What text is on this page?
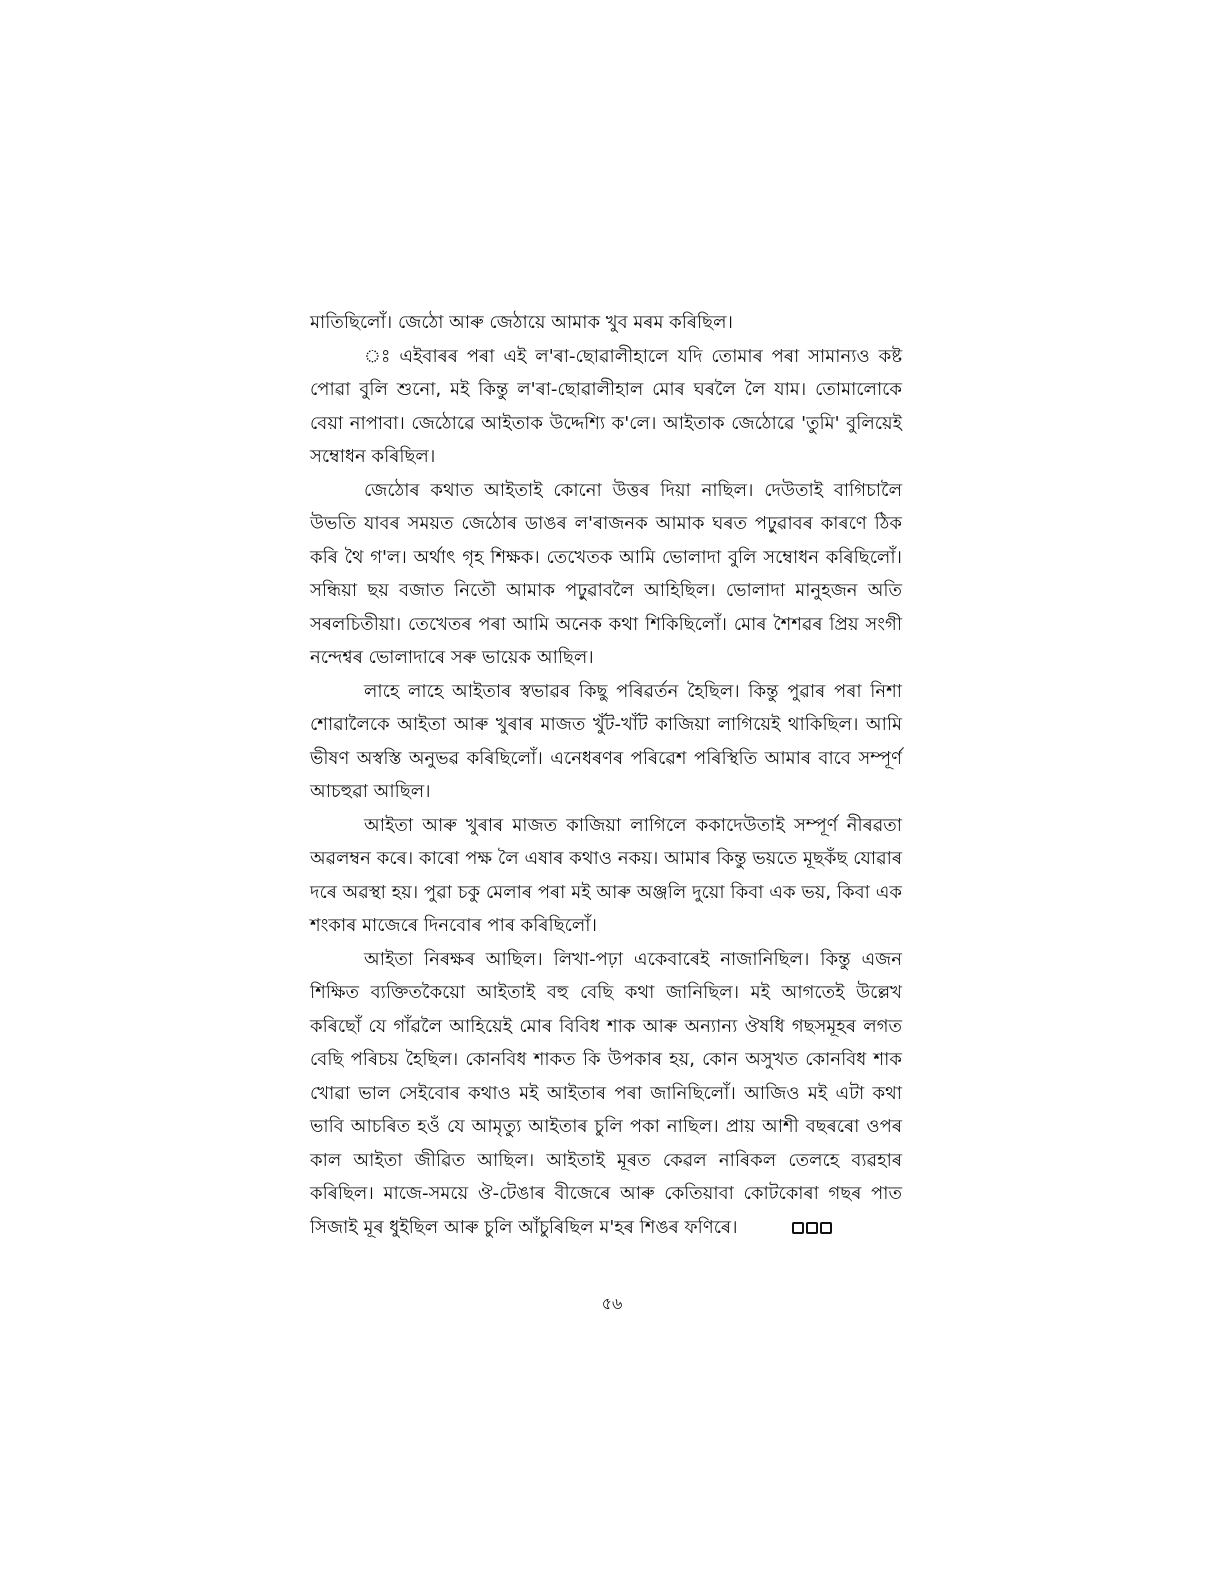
মাতিছিলোঁ। জেঠো আৰু জেঠায়ে আমাক খুব মৰম কৰিছিল।

ঃ এইবাৰৰ পৰা এই ল'ৰা-ছোৱালীহালে যদি তোমাৰ পৰা সামান্যও কষ্ট পোৱা বুলি শুনো, মই কিন্তু ল'ৰা-ছোৱালীহাল মোৰ ঘৰলৈ লৈ যাম। তোমালোকে বেয়া নাপাবা। জেঠোৱে আইতাক উদ্দেশ্যি ক'লে। আইতাক জেঠোৱে 'তুমি' বুলিয়েই সম্বোধন কৰিছিল।

জেঠোৰ কথাত আইতাই কোনো উত্তৰ দিয়া নাছিল। দেউতাই বাগিচালৈ উভতি যাবৰ সময়ত জেঠোৰ ডাঙৰ ল'ৰাজনক আমাক ঘৰত পঢ়ুৱাবৰ কাৰণে ঠিক কৰি থৈ গ'ল। অৰ্থাৎ গৃহ শিক্ষক। তেখেতক আমি ভোলাদা বুলি সম্বোধন কৰিছিলোঁ। সন্ধিয়া ছয় বজাত নিতৌ আমাক পঢ়ুৱাবলৈ আহিছিল। ভোলাদা মানুহজন অতি সৰলচিতীয়া। তেখেতৰ পৰা আমি অনেক কথা শিকিছিলোঁ। মোৰ শৈশৱৰ প্ৰিয় সংগী নন্দেশ্বৰ ভোলাদাৰে সৰু ভায়েক আছিল।

লাহে লাহে আইতাৰ স্বভাৱৰ কিছু পৰিৱৰ্তন হৈছিল। কিন্তু পুৱাৰ পৰা নিশা শোৱালৈকে আইতা আৰু খুৰাৰ মাজত খুঁট-খাঁট কাজিয়া লাগিয়েই থাকিছিল। আমি ভীষণ অস্বস্তি অনুভৱ কৰিছিলোঁ। এনেধৰণৰ পৰিৱেশ পৰিস্থিতি আমাৰ বাবে সম্পূৰ্ণ আচহুৱা আছিল।

আইতা আৰু খুৰাৰ মাজত কাজিয়া লাগিলে ককাদেউতাই সম্পূৰ্ণ নীৰৱতা অৱলম্বন কৰে। কাৰো পক্ষ লৈ এষাৰ কথাও নকয়। আমাৰ কিন্তু ভয়তে মূছকঁছ যোৱাৰ দৰে অৱস্থা হয়। পুৱা চকু মেলাৰ পৰা মই আৰু অঞ্জলি দুয়ো কিবা এক ভয়, কিবা এক শংকাৰ মাজেৰে দিনবোৰ পাৰ কৰিছিলোঁ।

আইতা নিৰক্ষৰ আছিল। লিখা-পঢ়া একেবাৰেই নাজানিছিল। কিন্তু এজন শিক্ষিত ব্যক্তিতকৈয়ো আইতাই বহু বেছি কথা জানিছিল। মই আগতেই উল্লেখ কৰিছোঁ যে গাঁৱলৈ আহিয়েই মোৰ বিবিধ শাক আৰু অন্যান্য ঔষধি গছসমূহৰ লগত বেছি পৰিচয় হৈছিল। কোনবিধ শাকত কি উপকাৰ হয়, কোন অসুখত কোনবিধ শাক খোৱা ভাল সেইবোৰ কথাও মই আইতাৰ পৰা জানিছিলোঁ। আজিও মই এটা কথা ভাবি আচৰিত হওঁ যে আমৃত্যু আইতাৰ চুলি পকা নাছিল। প্ৰায় আশী বছৰৰো ওপৰ কাল আইতা জীৱিত আছিল। আইতাই মূৰত কেৱল নাৰিকল তেলহে ব্যৱহাৰ কৰিছিল। মাজে-সময়ে ঔ-টেঙাৰ বীজেৰে আৰু কেতিয়াবা কোটকোৰা গছৰ পাত সিজাই মূৰ ধুইছিল আৰু চুলি আঁচুৰিছিল ম'হৰ শিঙৰ ফণিৰে।

৫৬
